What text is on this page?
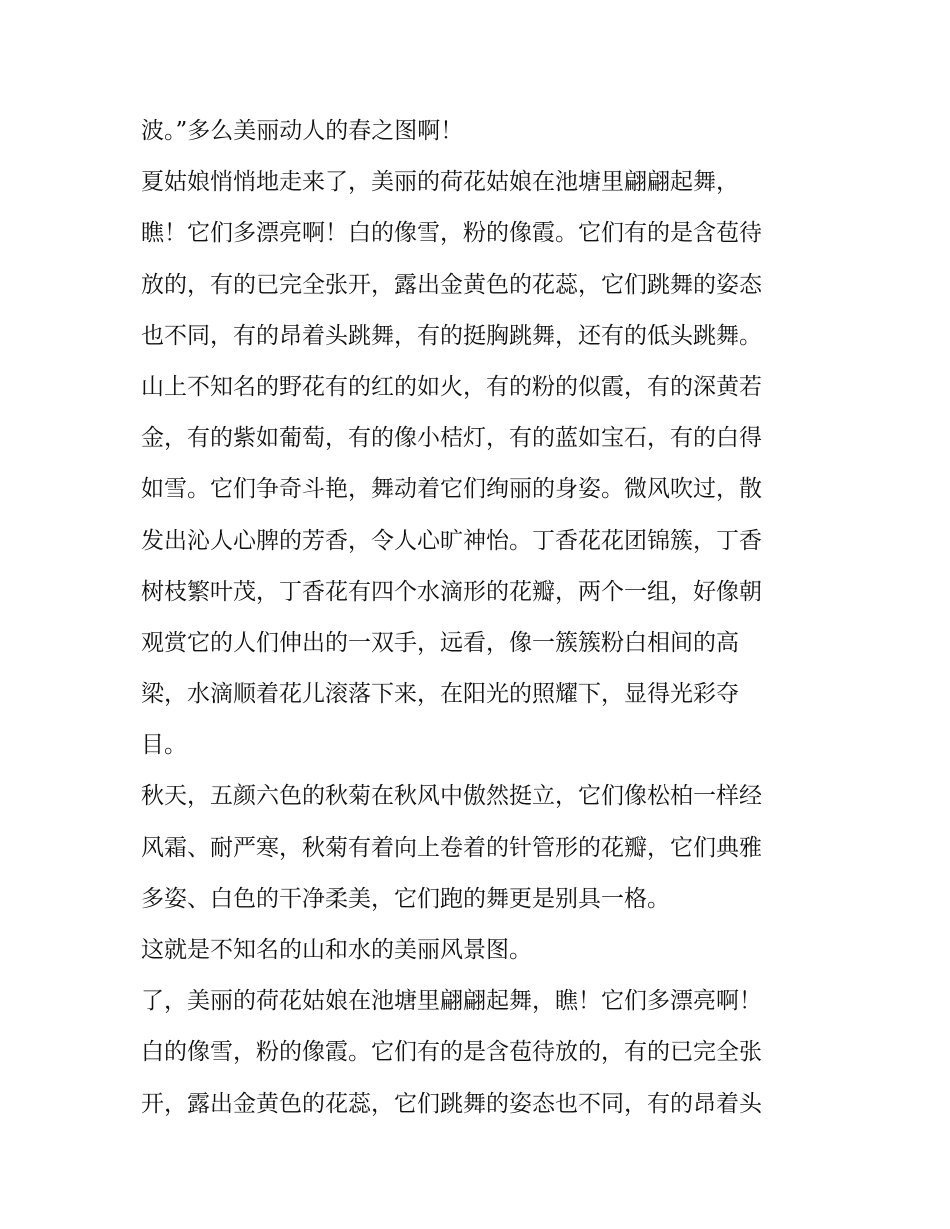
波。”多么美丽动人的春之图啊！
夏姑娘悄悄地走来了，美丽的荷花姑娘在池塘里翩翩起舞，
瞧！它们多漂亮啊！白的像雪，粉的像霞。它们有的是含苞待
放的，有的已完全张开，露出金黄色的花蕊，它们跳舞的姿态
也不同，有的昂着头跳舞，有的挺胸跳舞，还有的低头跳舞。
山上不知名的野花有的红的如火，有的粉的似霞，有的深黄若
金，有的紫如葡萄，有的像小桔灯，有的蓝如宝石，有的白得
如雪。它们争奇斗艳，舞动着它们绚丽的身姿。微风吹过，散
发出沁人心脾的芳香，令人心旷神怡。丁香花花团锦簇，丁香
树枝繁叶茂，丁香花有四个水滴形的花瓣，两个一组，好像朝
观赏它的人们伸出的一双手，远看，像一簇簇粉白相间的高
梁，水滴顺着花儿滚落下来，在阳光的照耀下，显得光彩夺
目。
秋天，五颜六色的秋菊在秋风中傲然挺立，它们像松柏一样经
风霜、耐严寒，秋菊有着向上卷着的针管形的花瓣，它们典雅
多姿、白色的干净柔美，它们跑的舞更是别具一格。
这就是不知名的山和水的美丽风景图。
了，美丽的荷花姑娘在池塘里翩翩起舞，瞧！它们多漂亮啊！
白的像雪，粉的像霞。它们有的是含苞待放的，有的已完全张
开，露出金黄色的花蕊，它们跳舞的姿态也不同，有的昂着头
